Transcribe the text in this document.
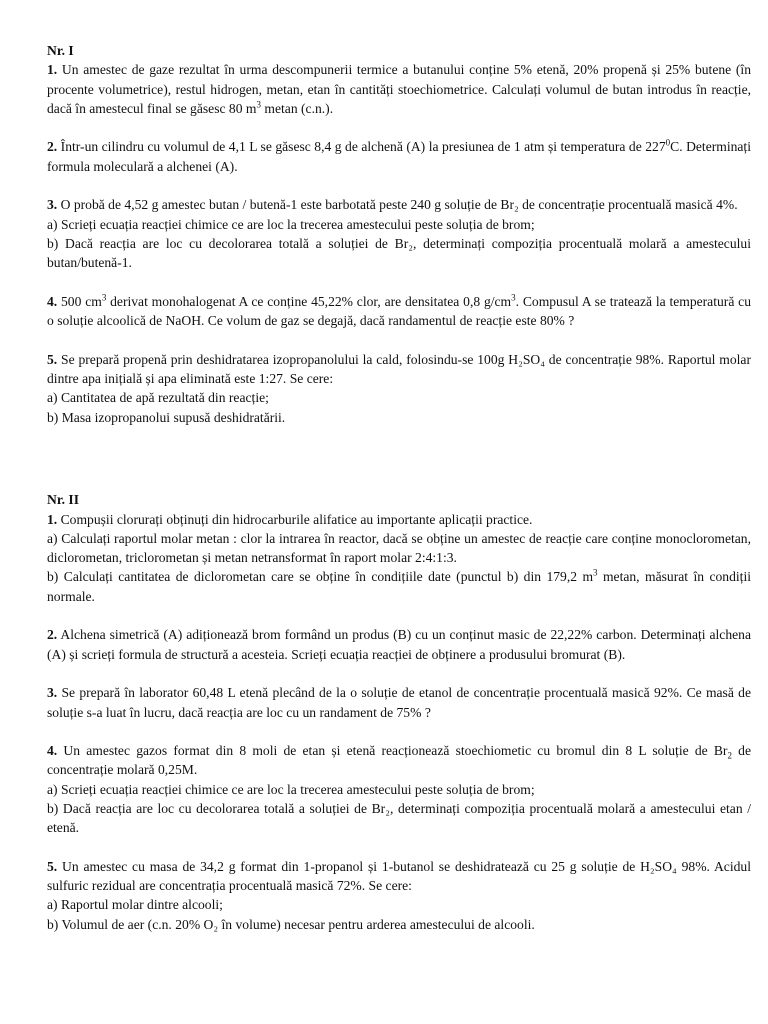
Nr. I

1. Un amestec de gaze rezultat în urma descompunerii termice a butanului conține 5% etenă, 20% propenă și 25% butene (în procente volumetrice), restul hidrogen, metan, etan în cantități stoechiometrice. Calculați volumul de butan introdus în reacție, dacă în amestecul final se găsesc 80 $m^3$ metan (c.n.).

2. Într-un cilindru cu volumul de 4,1 L se găsesc 8,4 g de alchenă (A) la presiunea de 1 atm și temperatura de $227^0C$. Determinați formula moleculară a alchenei (A).

3. O probă de 4,52 g amestec butan / butenă-1 este barbotată peste 240 g soluție de Br₂ de concentrație procentuală masică 4%.

a) Scrieți ecuația reacției chimice ce are loc la trecerea amestecului peste soluția de brom;

b) Dacă reacția are loc cu decolorarea totală a soluției de Br₂, determinați compoziția procentuală molară a amestecului butan/butenă-1.

4. 500 $cm^3$ derivat monohalogenat A ce conține 45,22% clor, are densitatea 0,8 $g/cm^3$. Compusul A se tratează la temperatură cu o soluție alcoolică de NaOH. Ce volum de gaz se degajă, dacă randamentul de reacție este 80% ?

5. Se prepară propenă prin deshidratarea izopropanolului la cald, folosindu-se 100g H₂SO₄ de concentrație 98%. Raportul molar dintre apa inițială și apa eliminată este 1:27. Se cere:

a) Cantitatea de apă rezultată din reacție;

b) Masa izopropanolui supusă deshidratării.

Nr. II

1. Compușii clorurați obținuți din hidrocarburile alifatice au importante aplicații practice.

a) Calculați raportul molar metan : clor la intrarea în reactor, dacă se obține un amestec de reacție care conține monoclorometan, diclorometan, triclorometan și metan netransformat în raport molar 2:4:1:3.

b) Calculați cantitatea de diclorometan care se obține în condițiile date (punctul b) din 179,2 $m^3$ metan, măsurat în condiții normale.

2. Alchena simetrică (A) adiționează brom formând un produs (B) cu un conținut masic de 22,22% carbon. Determinați alchena (A) și scrieți formula de structură a acesteia. Scrieți ecuația reacției de obținere a produsului bromurat (B).

3. Se prepară în laborator 60,48 L etenă plecând de la o soluție de etanol de concentrație procentuală masică 92%. Ce masă de soluție s-a luat în lucru, dacă reacția are loc cu un randament de 75% ?

4. Un amestec gazos format din 8 moli de etan și etenă reacționează stoechiometic cu bromul din 8 L soluție de $Br_2$ de concentrație molară 0,25M.

a) Scrieți ecuația reacției chimice ce are loc la trecerea amestecului peste soluția de brom;

b) Dacă reacția are loc cu decolorarea totală a soluției de Br₂, determinați compoziția procentuală molară a amestecului etan / etenă.

5. Un amestec cu masa de 34,2 g format din 1-propanol și 1-butanol se deshidratează cu 25 g soluție de H₂SO₄ 98%. Acidul sulfuric rezidual are concentrația procentuală masică 72%. Se cere:

a) Raportul molar dintre alcooli;

b) Volumul de aer (c.n. 20% O₂ în volume) necesar pentru arderea amestecului de alcooli.
